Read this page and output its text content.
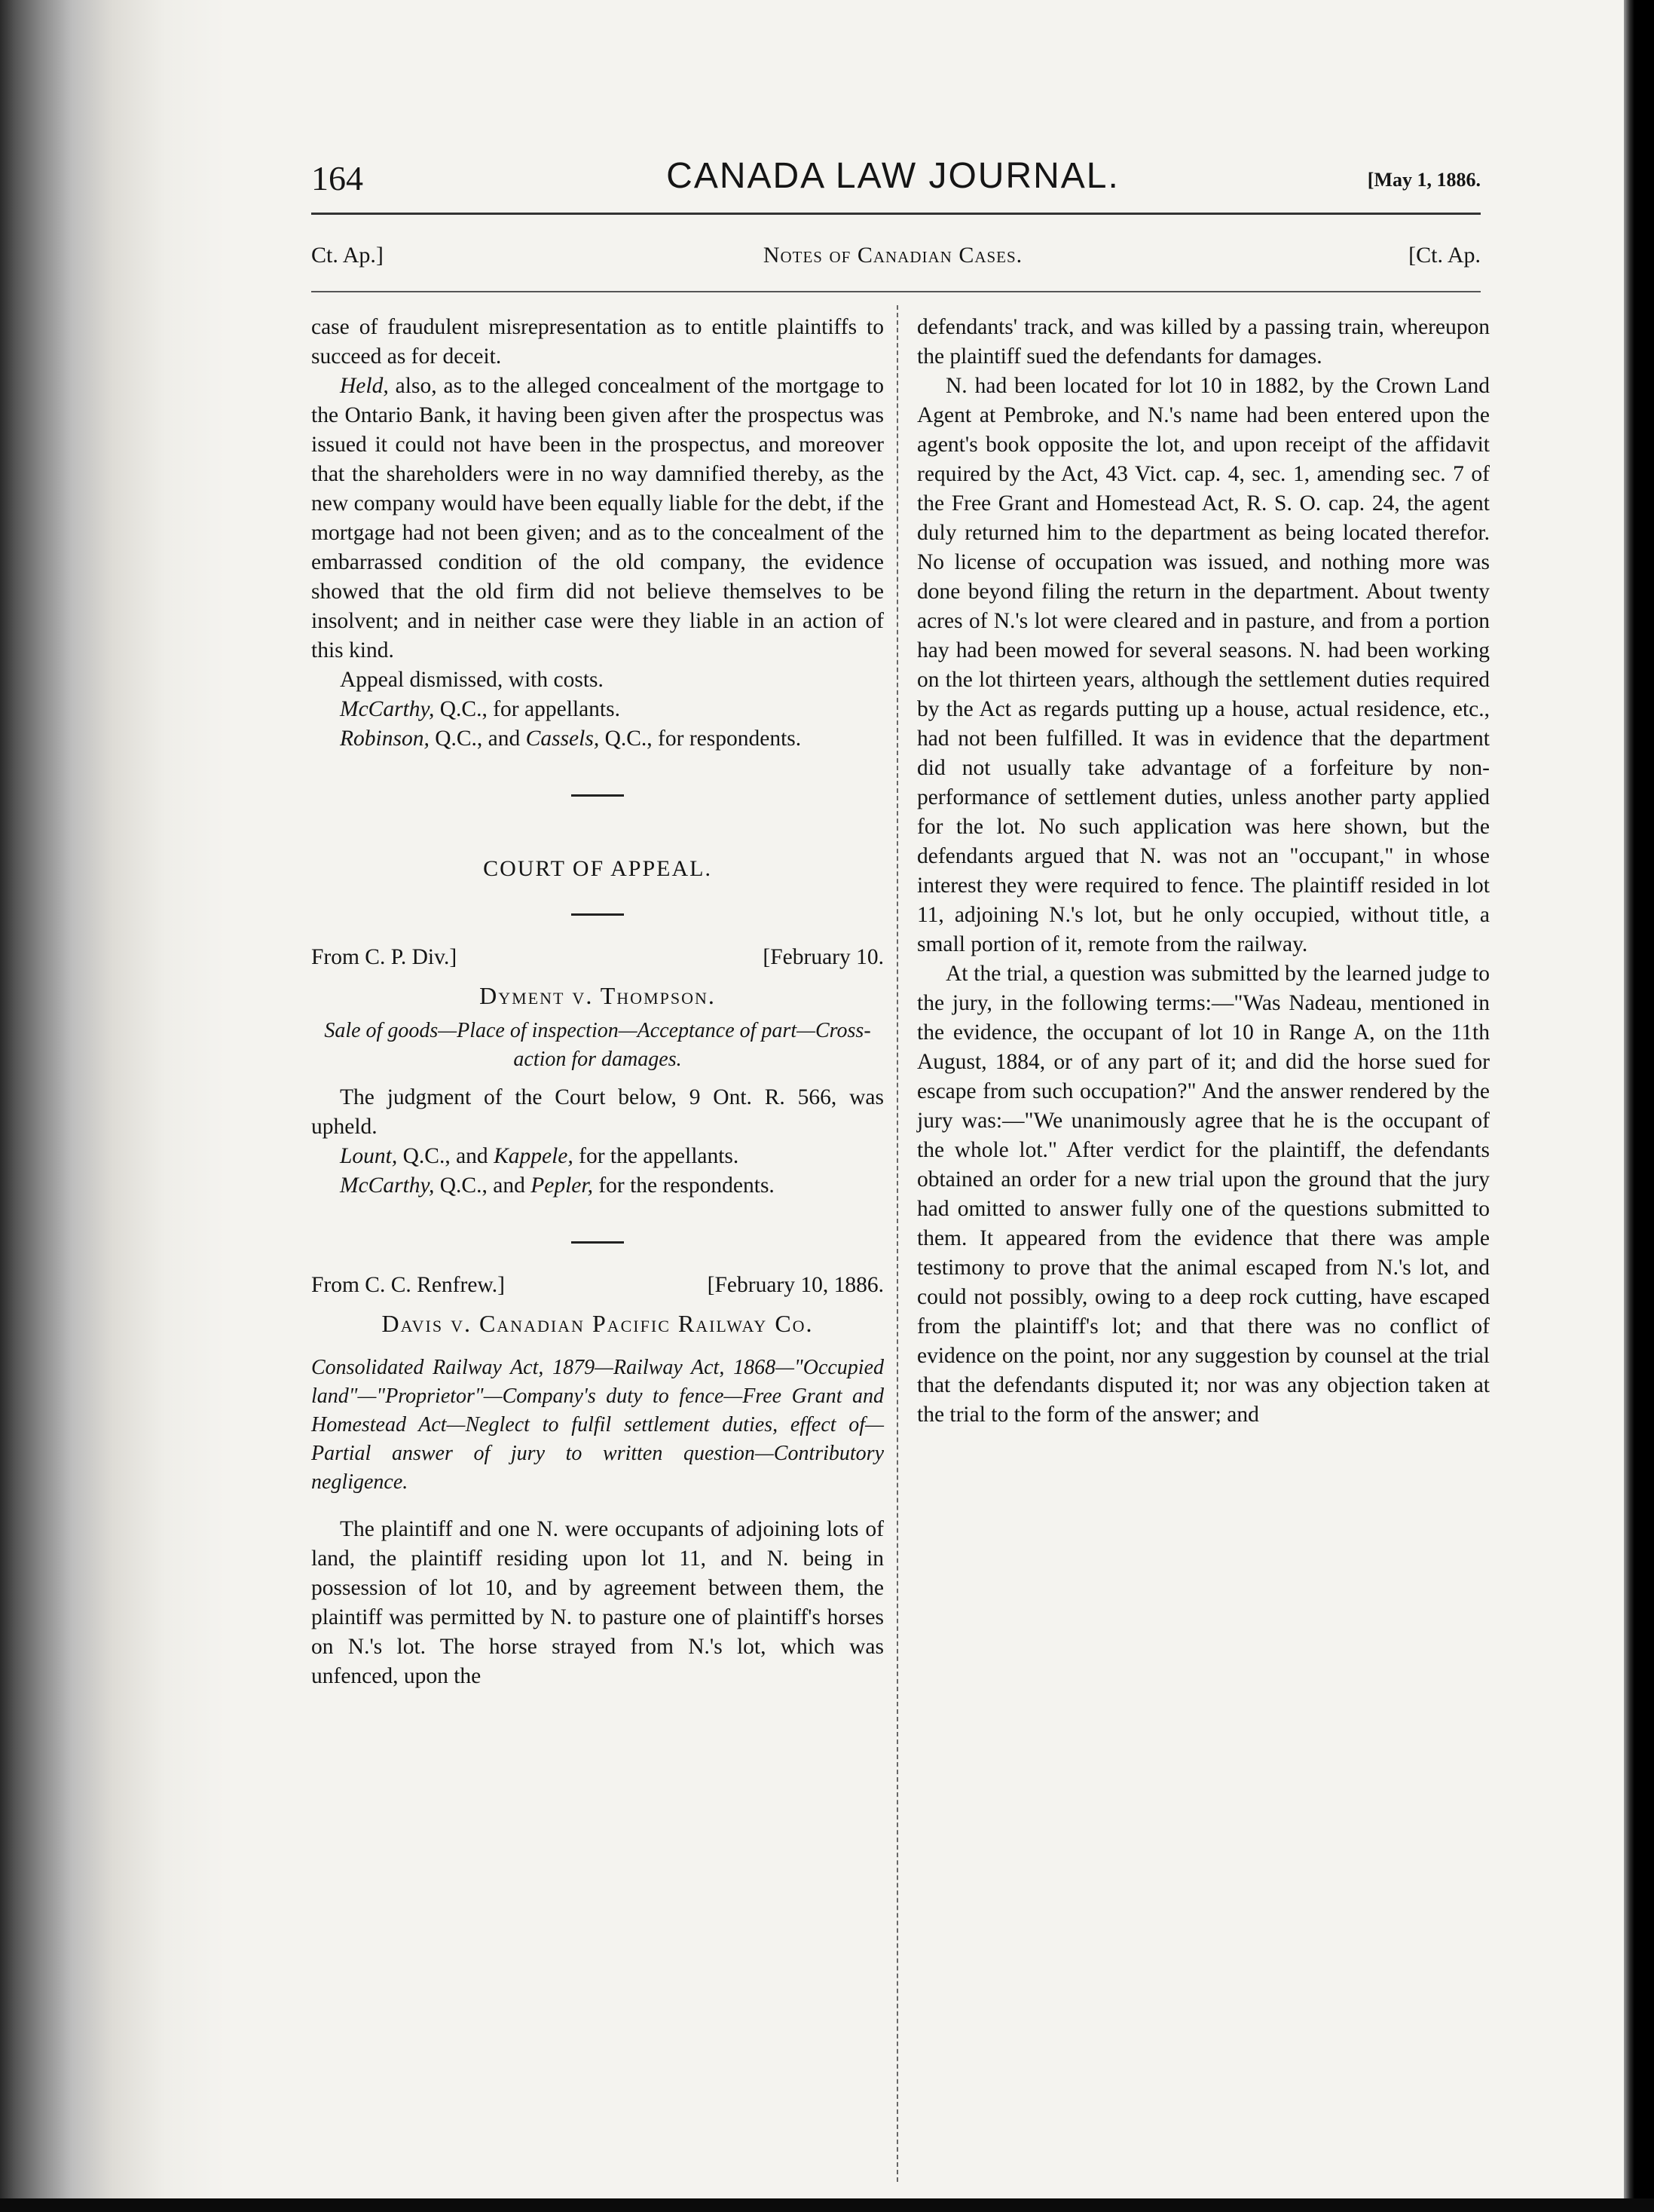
164	CANADA LAW JOURNAL.	[May 1, 1886.
Ct. Ap.]	Notes of Canadian Cases.	[Ct. Ap.

case of fraudulent misrepresentation as to entitle plaintiffs to succeed as for deceit.

Held, also, as to the alleged concealment of the mortgage to the Ontario Bank, it having been given after the prospectus was issued it could not have been in the prospectus, and moreover that the shareholders were in no way damnified thereby, as the new company would have been equally liable for the debt, if the mortgage had not been given; and as to the concealment of the embarrassed condition of the old company, the evidence showed that the old firm did not believe themselves to be insolvent; and in neither case were they liable in an action of this kind.

Appeal dismissed, with costs.

McCarthy, Q.C., for appellants.

Robinson, Q.C., and Cassels, Q.C., for respondents.

COURT OF APPEAL.
From C. P. Div.]	[February 10.
Dyment v. Thompson.

Sale of goods—Place of inspection—Acceptance of part—Cross-action for damages.

The judgment of the Court below, 9 Ont. R. 566, was upheld.

Lount, Q.C., and Kappele, for the appellants.

McCarthy, Q.C., and Pepler, for the respondents.

From C. C. Renfrew.]	[February 10, 1886.
Davis v. Canadian Pacific Railway Co.

Consolidated Railway Act, 1879—Railway Act, 1868—"Occupied land"—"Proprietor"—Company's duty to fence—Free Grant and Homestead Act—Neglect to fulfil settlement duties, effect of—Partial answer of jury to written question—Contributory negligence.

The plaintiff and one N. were occupants of adjoining lots of land, the plaintiff residing upon lot 11, and N. being in possession of lot 10, and by agreement between them, the plaintiff was permitted by N. to pasture one of plaintiff's horses on N.'s lot. The horse strayed from N.'s lot, which was unfenced, upon the

defendants' track, and was killed by a passing train, whereupon the plaintiff sued the defendants for damages.

N. had been located for lot 10 in 1882, by the Crown Land Agent at Pembroke, and N.'s name had been entered upon the agent's book opposite the lot, and upon receipt of the affidavit required by the Act, 43 Vict. cap. 4, sec. 1, amending sec. 7 of the Free Grant and Homestead Act, R. S. O. cap. 24, the agent duly returned him to the department as being located therefor. No license of occupation was issued, and nothing more was done beyond filing the return in the department. About twenty acres of N.'s lot were cleared and in pasture, and from a portion hay had been mowed for several seasons. N. had been working on the lot thirteen years, although the settlement duties required by the Act as regards putting up a house, actual residence, etc., had not been fulfilled. It was in evidence that the department did not usually take advantage of a forfeiture by non-performance of settlement duties, unless another party applied for the lot. No such application was here shown, but the defendants argued that N. was not an "occupant," in whose interest they were required to fence. The plaintiff resided in lot 11, adjoining N.'s lot, but he only occupied, without title, a small portion of it, remote from the railway.

At the trial, a question was submitted by the learned judge to the jury, in the following terms:—"Was Nadeau, mentioned in the evidence, the occupant of lot 10 in Range A, on the 11th August, 1884, or of any part of it; and did the horse sued for escape from such occupation?" And the answer rendered by the jury was:—"We unanimously agree that he is the occupant of the whole lot." After verdict for the plaintiff, the defendants obtained an order for a new trial upon the ground that the jury had omitted to answer fully one of the questions submitted to them. It appeared from the evidence that there was ample testimony to prove that the animal escaped from N.'s lot, and could not possibly, owing to a deep rock cutting, have escaped from the plaintiff's lot; and that there was no conflict of evidence on the point, nor any suggestion by counsel at the trial that the defendants disputed it; nor was any objection taken at the trial to the form of the answer; and
